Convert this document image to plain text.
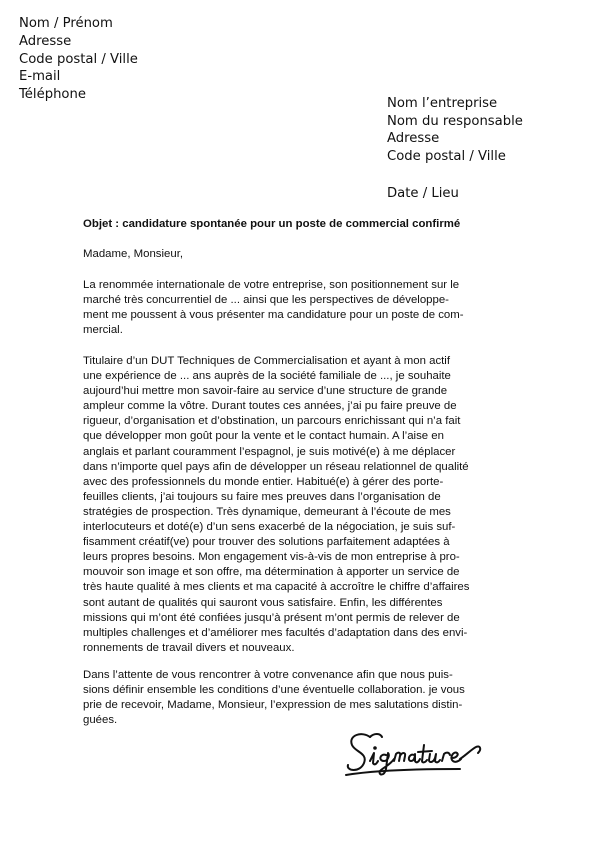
Nom / Prénom
Adresse
Code postal / Ville
E-mail
Téléphone
Nom l’entreprise
Nom du responsable
Adresse
Code postal / Ville
Date / Lieu
Objet : candidature spontanée pour un poste de commercial confirmé
Madame, Monsieur,
La renommée internationale de votre entreprise, son positionnement sur le
marché très concurrentiel de ... ainsi que les perspectives de développe-
ment me poussent à vous présenter ma candidature pour un poste de com-
mercial.
Titulaire d’un DUT Techniques de Commercialisation et ayant à mon actif
une expérience de ... ans auprès de la société familiale de ..., je souhaite
aujourd’hui mettre mon savoir-faire au service d’une structure de grande
ampleur comme la vôtre. Durant toutes ces années, j’ai pu faire preuve de
rigueur, d’organisation et d’obstination, un parcours enrichissant qui n’a fait
que développer mon goût pour la vente et le contact humain. A l’aise en
anglais et parlant couramment l’espagnol, je suis motivé(e) à me déplacer
dans n’importe quel pays afin de développer un réseau relationnel de qualité
avec des professionnels du monde entier. Habitué(e) à gérer des porte-
feuilles clients, j’ai toujours su faire mes preuves dans l’organisation de
stratégies de prospection. Très dynamique, demeurant à l’écoute de mes
interlocuteurs et doté(e) d’un sens exacerbé de la négociation, je suis suf-
fisamment créatif(ve) pour trouver des solutions parfaitement adaptées à
leurs propres besoins. Mon engagement vis-à-vis de mon entreprise à pro-
mouvoir son image et son offre, ma détermination à apporter un service de
très haute qualité à mes clients et ma capacité à accroître le chiffre d’affaires
sont autant de qualités qui sauront vous satisfaire. Enfin, les différentes
missions qui m’ont été confiées jusqu’à présent m’ont permis de relever de
multiples challenges et d’améliorer mes facultés d’adaptation dans des envi-
ronnements de travail divers et nouveaux.
Dans l’attente de vous rencontrer à votre convenance afin que nous puis-
sions définir ensemble les conditions d’une éventuelle collaboration. je vous
prie de recevoir, Madame, Monsieur, l’expression de mes salutations distin-
guées.
